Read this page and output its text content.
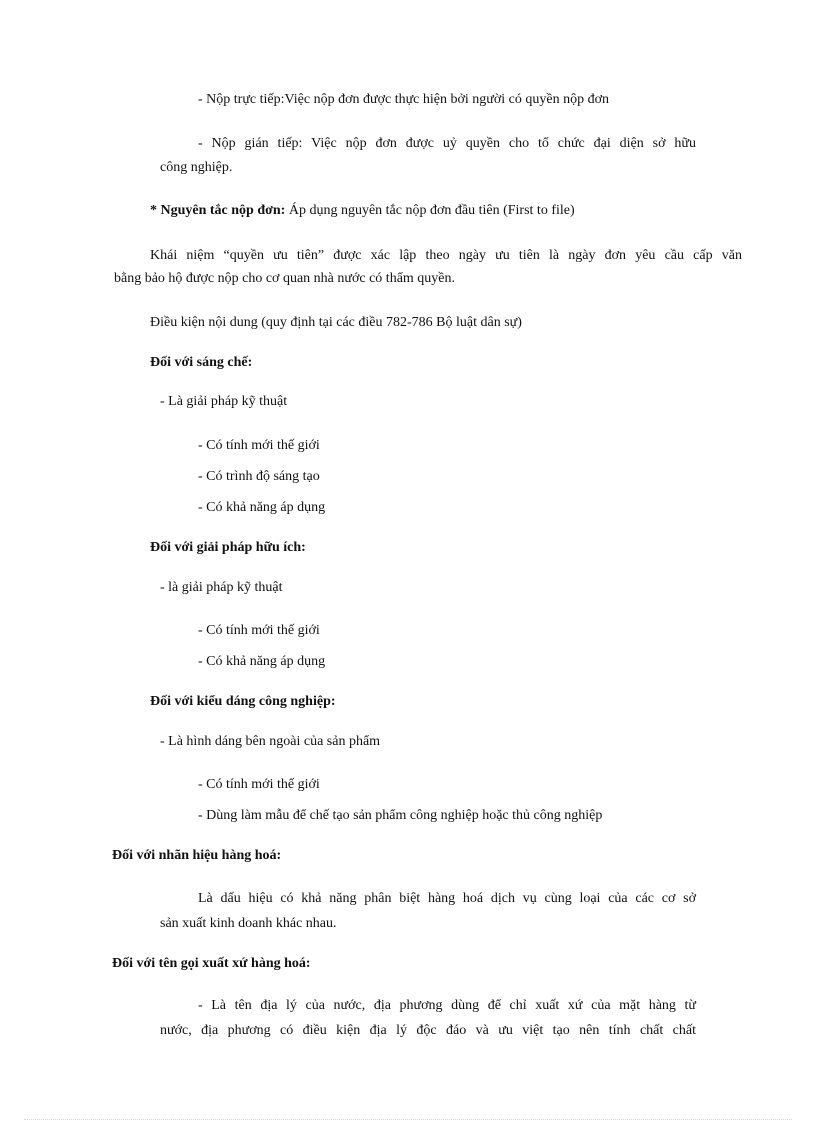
- Nộp trực tiếp:Việc nộp đơn được thực hiện bởi người có quyền nộp đơn
- Nộp gián tiếp: Việc nộp đơn được uỷ quyền cho tổ chức đại diện sở hữu
công nghiệp.
* Nguyên tắc nộp đơn: Áp dụng nguyên tắc nộp đơn đầu tiên (First to file)
Khái niệm “quyền ưu tiên” được xác lập theo ngày ưu tiên là ngày đơn yêu cầu cấp văn
bằng bảo hộ được nộp cho cơ quan nhà nước có thẩm quyền.
Điều kiện nội dung (quy định tại các điều 782-786 Bộ luật dân sự)
Đối với sáng chế:
- Là giải pháp kỹ thuật
- Có tính mới thế giới
- Có trình độ sáng tạo
- Có khả năng áp dụng
Đối với giải pháp hữu ích:
- là giải pháp kỹ thuật
- Có tính mới thế giới
- Có khả năng áp dụng
Đối với kiểu dáng công nghiệp:
- Là hình dáng bên ngoài của sản phẩm
- Có tính mới thế giới
- Dùng làm mẫu để chế tạo sản phẩm công nghiệp hoặc thủ công nghiệp
Đối với nhãn hiệu hàng hoá:
Là dấu hiệu có khả năng phân biệt hàng hoá dịch vụ cùng loại của các cơ sở
sản xuất kinh doanh khác nhau.
Đối với tên gọi xuất xứ hàng hoá:
- Là tên địa lý của nước, địa phương dùng để chỉ xuất xứ của mặt hàng từ
nước, địa phương có điều kiện địa lý độc đáo và ưu việt tạo nên tính chất chất
